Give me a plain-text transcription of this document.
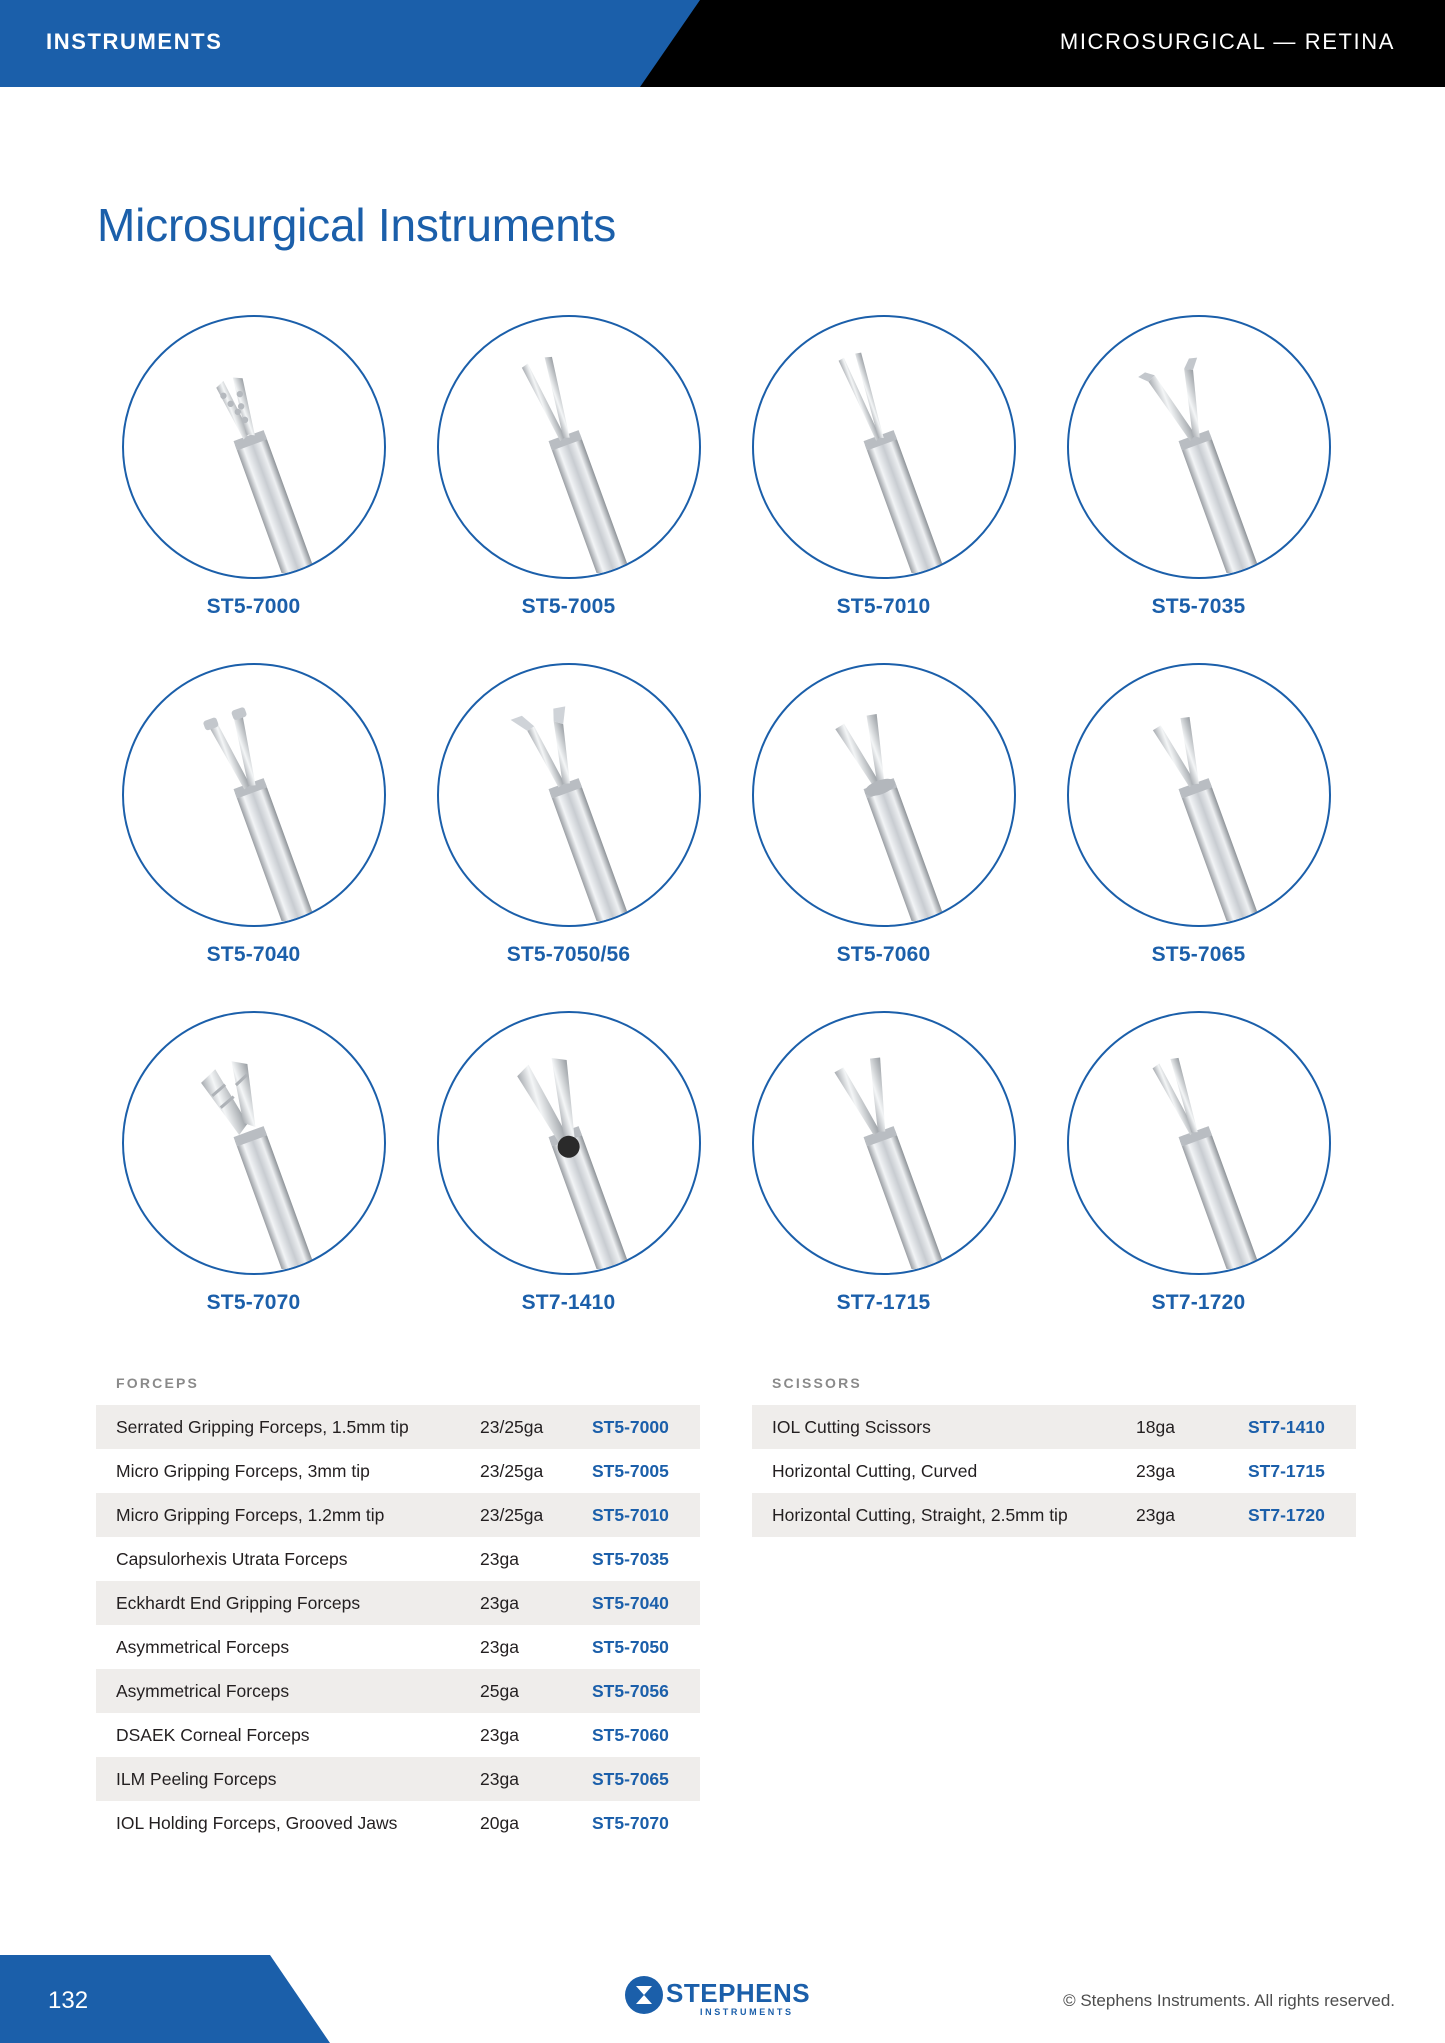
INSTRUMENTS	MICROSURGICAL — RETINA
Microsurgical Instruments
ST5-7000	ST5-7005	ST5-7010	ST5-7035
ST5-7040	ST5-7050/56	ST5-7060	ST5-7065
ST5-7070	ST7-1410	ST7-1715	ST7-1720
FORCEPS
Serrated Gripping Forceps, 1.5mm tip	23/25ga	ST5-7000
Micro Gripping Forceps, 3mm tip	23/25ga	ST5-7005
Micro Gripping Forceps, 1.2mm tip	23/25ga	ST5-7010
Capsulorhexis Utrata Forceps	23ga	ST5-7035
Eckhardt End Gripping Forceps	23ga	ST5-7040
Asymmetrical Forceps	23ga	ST5-7050
Asymmetrical Forceps	25ga	ST5-7056
DSAEK Corneal Forceps	23ga	ST5-7060
ILM Peeling Forceps	23ga	ST5-7065
IOL Holding Forceps, Grooved Jaws	20ga	ST5-7070
SCISSORS
IOL Cutting Scissors	18ga	ST7-1410
Horizontal Cutting, Curved	23ga	ST7-1715
Horizontal Cutting, Straight, 2.5mm tip	23ga	ST7-1720
132	STEPHENS
INSTRUMENTS
© Stephens Instruments. All rights reserved.
